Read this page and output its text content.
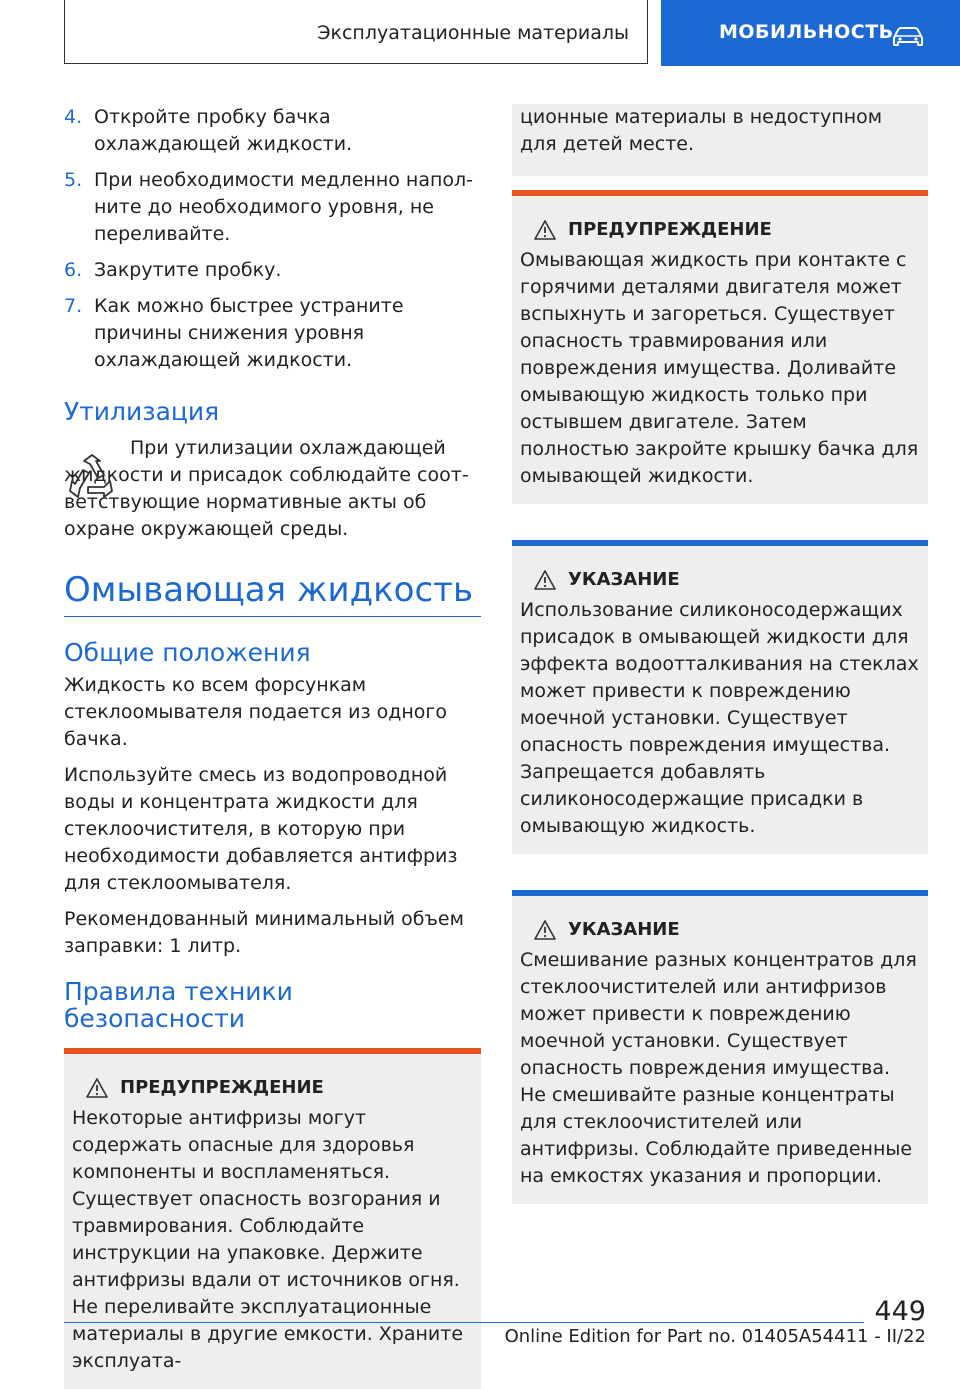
Эксплуатационные материалы	МОБИЛЬНОСТЬ
4. Откройте пробку бачка охлаждающей жидкости.
5. При необходимости медленно наполните до необходимого уровня, не переливайте.
6. Закрутите пробку.
7. Как можно быстрее устраните причины снижения уровня охлаждающей жидкости.
Утилизация

При утилизации охлаждающей жидкости и присадок соблюдайте соответствующие нормативные акты об охране окружающей среды.

Омывающая жидкость
Общие положения

Жидкость ко всем форсункам стеклоомывателя подается из одного бачка.

Используйте смесь из водопроводной воды и концентрата жидкости для стеклоочистителя, в которую при необходимости добавляется антифриз для стеклоомывателя.

Рекомендованный минимальный объем заправки: 1 литр.

Правила техники безопасности
ПРЕДУПРЕЖДЕНИЕ

Некоторые антифризы могут содержать опасные для здоровья компоненты и воспламеняться. Существует опасность возгорания и травмирования. Соблюдайте инструкции на упаковке. Держите антифризы вдали от источников огня. Не переливайте эксплуатационные материалы в другие емкости. Храните эксплуата-

ционные материалы в недоступном для детей месте.

ПРЕДУПРЕЖДЕНИЕ

Омывающая жидкость при контакте с горячими деталями двигателя может вспыхнуть и загореться. Существует опасность травмирования или повреждения имущества. Доливайте омывающую жидкость только при остывшем двигателе. Затем полностью закройте крышку бачка для омывающей жидкости.

УКАЗАНИЕ

Использование силиконосодержащих присадок в омывающей жидкости для эффекта водоотталкивания на стеклах может привести к повреждению моечной установки. Существует опасность повреждения имущества. Запрещается добавлять силиконосодержащие присадки в омывающую жидкость.

УКАЗАНИЕ

Смешивание разных концентратов для стеклоочистителей или антифризов может привести к повреждению моечной установки. Существует опасность повреждения имущества. Не смешивайте разные концентраты для стеклоочистителей или антифризы. Соблюдайте приведенные на емкостях указания и пропорции.

449
Online Edition for Part no. 01405A54411 - II/22
